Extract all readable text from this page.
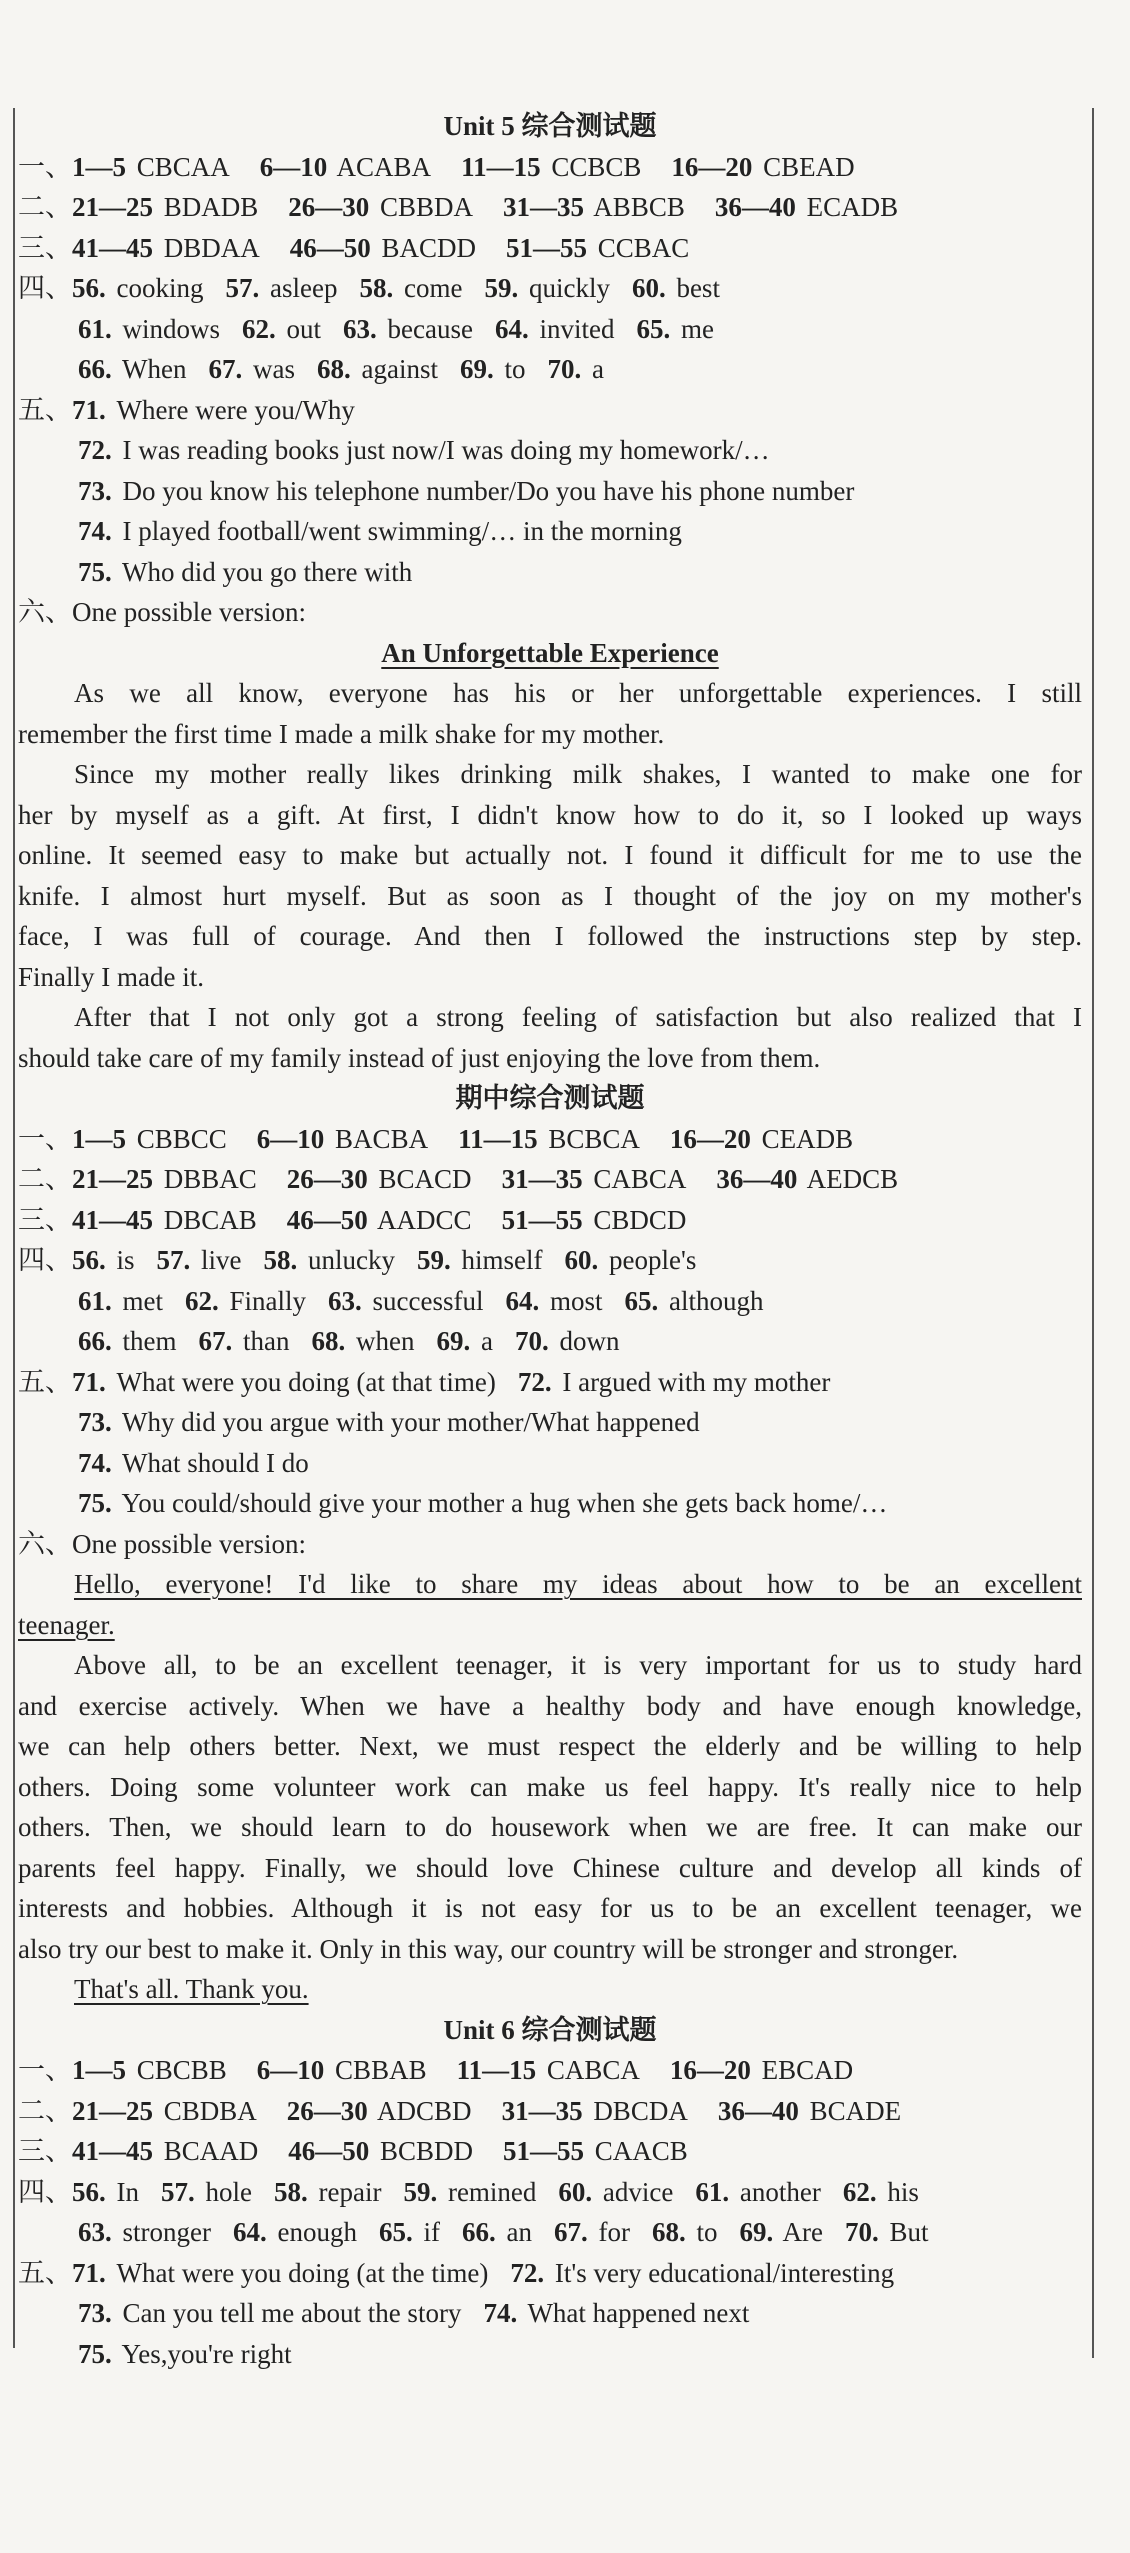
Unit 5 综合测试题
一、1—5 CBCAA 6—10 ACABA 11—15 CCBCB 16—20 CBEAD
二、21—25 BDADB 26—30 CBBDA 31—35 ABBCB 36—40 ECADB
三、41—45 DBDAA 46—50 BACDD 51—55 CCBAC
四、56. cooking 57. asleep 58. come 59. quickly 60. best
61. windows 62. out 63. because 64. invited 65. me
66. When 67. was 68. against 69. to 70. a
五、71. Where were you/Why
72. I was reading books just now/I was doing my homework/…
73. Do you know his telephone number/Do you have his phone number
74. I played football/went swimming/… in the morning
75. Who did you go there with
六、One possible version:
An Unforgettable Experience
As we all know, everyone has his or her unforgettable experiences. I still
remember the first time I made a milk shake for my mother.
Since my mother really likes drinking milk shakes, I wanted to make one for
her by myself as a gift. At first, I didn't know how to do it, so I looked up ways
online. It seemed easy to make but actually not. I found it difficult for me to use the
knife. I almost hurt myself. But as soon as I thought of the joy on my mother's
face, I was full of courage. And then I followed the instructions step by step.
Finally I made it.
After that I not only got a strong feeling of satisfaction but also realized that I
should take care of my family instead of just enjoying the love from them.
期中综合测试题
一、1—5 CBBCC 6—10 BACBA 11—15 BCBCA 16—20 CEADB
二、21—25 DBBAC 26—30 BCACD 31—35 CABCA 36—40 AEDCB
三、41—45 DBCAB 46—50 AADCC 51—55 CBDCD
四、56. is 57. live 58. unlucky 59. himself 60. people's
61. met 62. Finally 63. successful 64. most 65. although
66. them 67. than 68. when 69. a 70. down
五、71. What were you doing (at that time) 72. I argued with my mother
73. Why did you argue with your mother/What happened
74. What should I do
75. You could/should give your mother a hug when she gets back home/…
六、One possible version:
Hello, everyone! I'd like to share my ideas about how to be an excellent
teenager.
Above all, to be an excellent teenager, it is very important for us to study hard
and exercise actively. When we have a healthy body and have enough knowledge,
we can help others better. Next, we must respect the elderly and be willing to help
others. Doing some volunteer work can make us feel happy. It's really nice to help
others. Then, we should learn to do housework when we are free. It can make our
parents feel happy. Finally, we should love Chinese culture and develop all kinds of
interests and hobbies. Although it is not easy for us to be an excellent teenager, we
also try our best to make it. Only in this way, our country will be stronger and stronger.
That's all. Thank you.
Unit 6 综合测试题
一、1—5 CBCBB 6—10 CBBAB 11—15 CABCA 16—20 EBCAD
二、21—25 CBDBA 26—30 ADCBD 31—35 DBCDA 36—40 BCADE
三、41—45 BCAAD 46—50 BCBDD 51—55 CAACB
四、56. In 57. hole 58. repair 59. remined 60. advice 61. another 62. his
63. stronger 64. enough 65. if 66. an 67. for 68. to 69. Are 70. But
五、71. What were you doing (at the time) 72. It's very educational/interesting
73. Can you tell me about the story 74. What happened next
75. Yes,you're right
